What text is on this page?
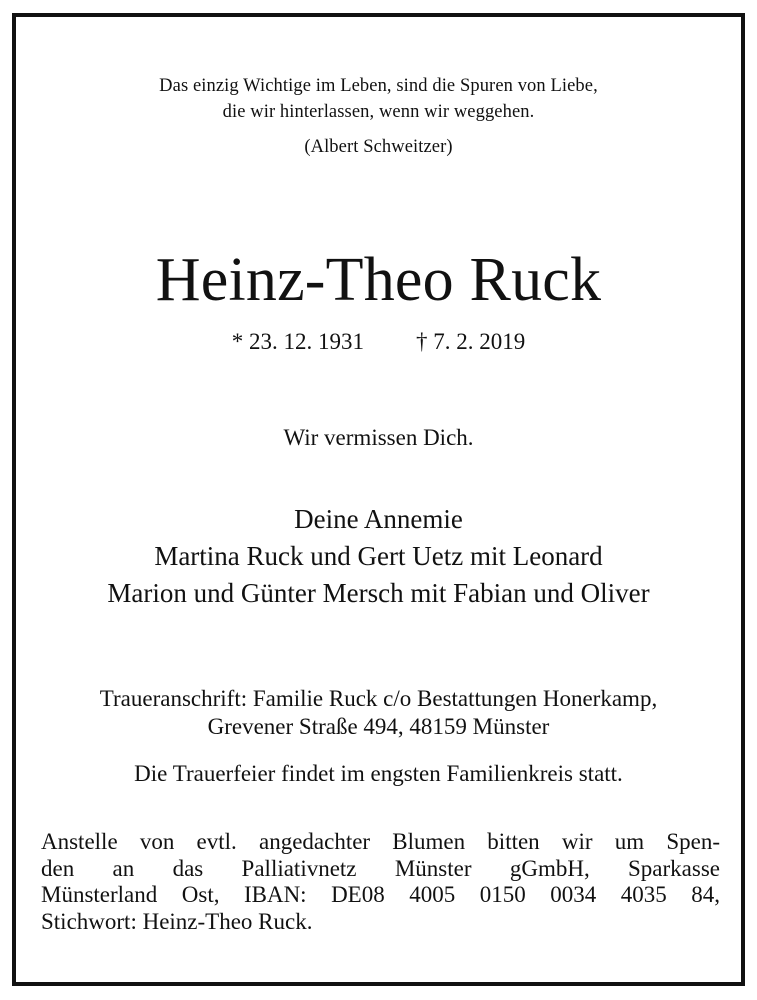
Das einzig Wichtige im Leben, sind die Spuren von Liebe,
die wir hinterlassen, wenn wir weggehen.
(Albert Schweitzer)
Heinz-Theo Ruck
* 23. 12. 1931 † 7. 2. 2019
Wir vermissen Dich.
Deine Annemie
Martina Ruck und Gert Uetz mit Leonard
Marion und Günter Mersch mit Fabian und Oliver
Traueranschrift: Familie Ruck c/o Bestattungen Honerkamp,
Grevener Straße 494, 48159 Münster
Die Trauerfeier findet im engsten Familienkreis statt.
Anstelle von evtl. angedachter Blumen bitten wir um Spen-
den an das Palliativnetz Münster gGmbH, Sparkasse
Münsterland Ost, IBAN: DE08 4005 0150 0034 4035 84,
Stichwort: Heinz-Theo Ruck.
